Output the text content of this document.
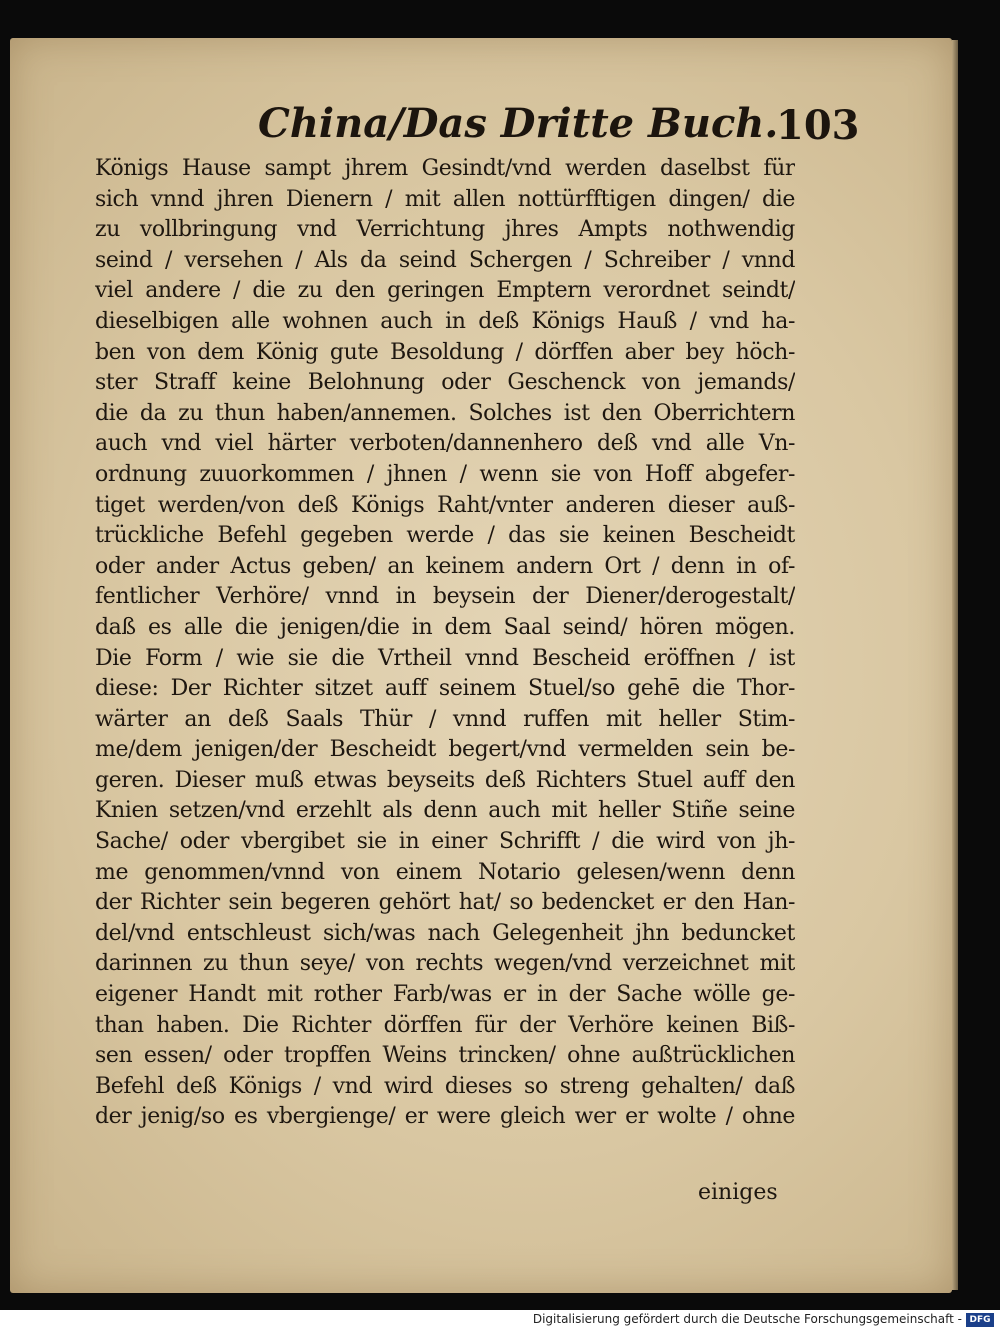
China/Das Dritte Buch.
103
Königs Hause sampt jhrem Gesindt/vnd werden daselbst für
sich vnnd jhren Dienern / mit allen nottürfftigen dingen/ die
zu vollbringung vnd Verrichtung jhres Ampts nothwendig
seind / versehen / Als da seind Schergen / Schreiber / vnnd
viel andere / die zu den geringen Emptern verordnet seindt/
dieselbigen alle wohnen auch in deß Königs Hauß / vnd ha-
ben von dem König gute Besoldung / dörffen aber bey höch-
ster Straff keine Belohnung oder Geschenck von jemands/
die da zu thun haben/annemen. Solches ist den Oberrichtern
auch vnd viel härter verboten/dannenhero deß vnd alle Vn-
ordnung zuuorkommen / jhnen / wenn sie von Hoff abgefer-
tiget werden/von deß Königs Raht/vnter anderen dieser auß-
trückliche Befehl gegeben werde / das sie keinen Bescheidt
oder ander Actus geben/ an keinem andern Ort / denn in of-
fentlicher Verhöre/ vnnd in beysein der Diener/derogestalt/
daß es alle die jenigen/die in dem Saal seind/ hören mögen.
Die Form / wie sie die Vrtheil vnnd Bescheid eröffnen / ist
diese: Der Richter sitzet auff seinem Stuel/so gehē die Thor-
wärter an deß Saals Thür / vnnd ruffen mit heller Stim-
me/dem jenigen/der Bescheidt begert/vnd vermelden sein be-
geren. Dieser muß etwas beyseits deß Richters Stuel auff den
Knien setzen/vnd erzehlt als denn auch mit heller Stiñe seine
Sache/ oder vbergibet sie in einer Schrifft / die wird von jh-
me genommen/vnnd von einem Notario gelesen/wenn denn
der Richter sein begeren gehört hat/ so bedencket er den Han-
del/vnd entschleust sich/was nach Gelegenheit jhn beduncket
darinnen zu thun seye/ von rechts wegen/vnd verzeichnet mit
eigener Handt mit rother Farb/was er in der Sache wölle ge-
than haben. Die Richter dörffen für der Verhöre keinen Biß-
sen essen/ oder tropffen Weins trincken/ ohne außtrücklichen
Befehl deß Königs / vnd wird dieses so streng gehalten/ daß
der jenig/so es vbergienge/ er were gleich wer er wolte / ohne
einiges
Digitalisierung gefördert durch die Deutsche Forschungsgemeinschaft - DFG
